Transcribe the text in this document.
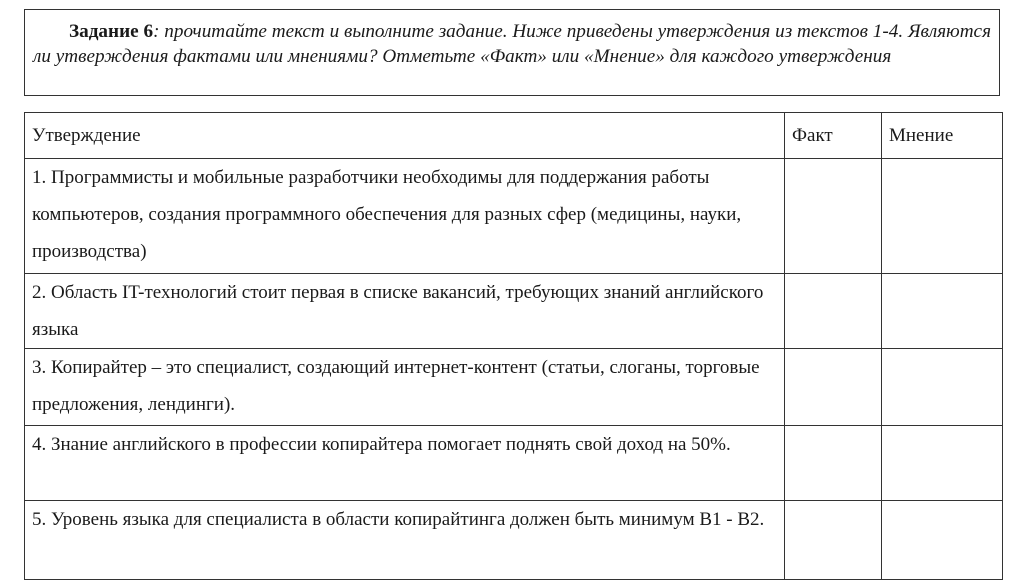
Задание 6: прочитайте текст и выполните задание. Ниже приведены утверждения из текстов 1-4. Являются ли утверждения фактами или мнениями? Отметьте «Факт» или «Мнение» для каждого утверждения
Утверждение	Факт	Мнение
1. Программисты и мобильные разработчики необходимы для поддержания работы компьютеров, создания программного обеспечения для разных сфер (медицины, науки, производства)		
2. Область IT-технологий стоит первая в списке вакансий, требующих знаний английского языка		
3. Копирайтер – это специалист, создающий интернет-контент (статьи, слоганы, торговые предложения, лендинги).		
4. Знание английского в профессии копирайтера помогает поднять свой доход на 50%.		
5. Уровень языка для специалиста в области копирайтинга должен быть минимум B1 - B2.		
